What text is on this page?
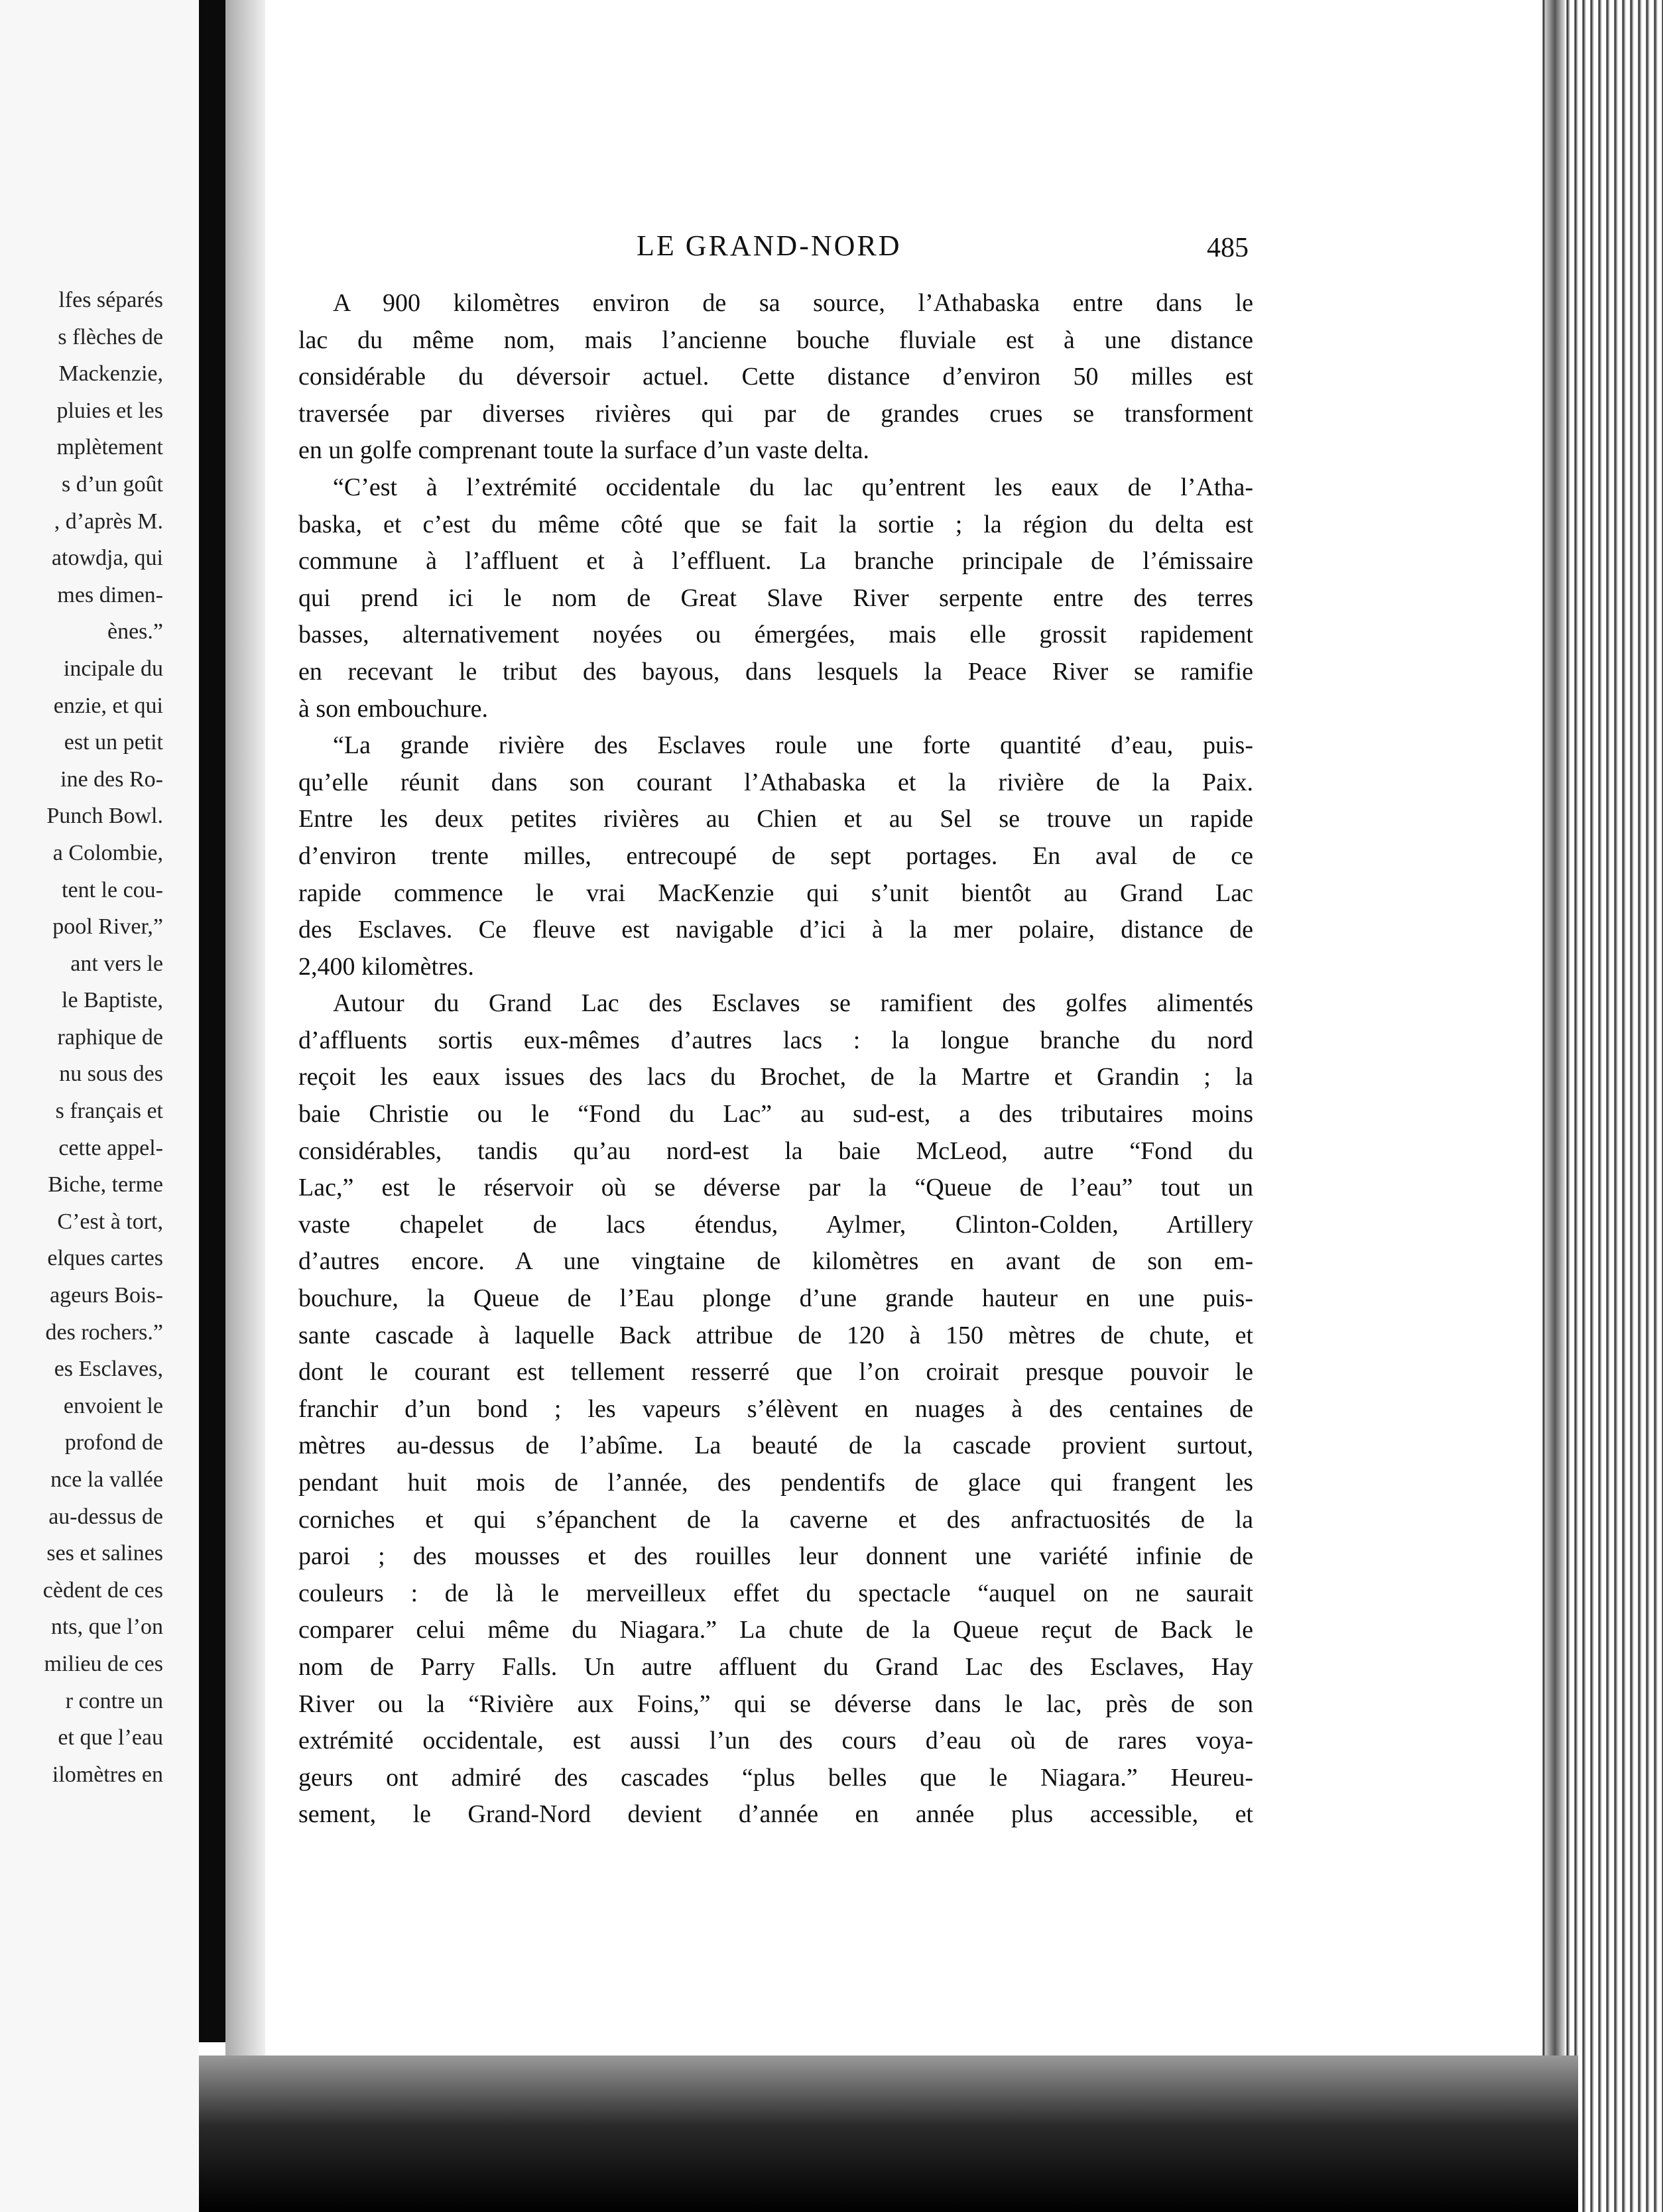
lfes séparés
s flèches de
Mackenzie,
pluies et les
mplètement
s d’un goût
, d’après M.
atowdja, qui
mes dimen-
ènes.”
incipale du
enzie, et qui
est un petit
ine des Ro-
Punch Bowl.
a Colombie,
tent le cou-
pool River,”
ant vers le
le Baptiste,
raphique de
nu sous des
s français et
cette appel-
Biche, terme
C’est à tort,
elques cartes
ageurs Bois-
des rochers.”
es Esclaves,
envoient le
profond de
nce la vallée
au-dessus de
ses et salines
cèdent de ces
nts, que l’on
milieu de ces
r contre un
et que l’eau
ilomètres en
LE GRAND-NORD	485
A 900 kilomètres environ de sa source, l’Athabaska entre dans le
lac du même nom, mais l’ancienne bouche fluviale est à une distance
considérable du déversoir actuel. Cette distance d’environ 50 milles est
traversée par diverses rivières qui par de grandes crues se transforment
en un golfe comprenant toute la surface d’un vaste delta.
“C’est à l’extrémité occidentale du lac qu’entrent les eaux de l’Atha-
baska, et c’est du même côté que se fait la sortie ; la région du delta est
commune à l’affluent et à l’effluent. La branche principale de l’émissaire
qui prend ici le nom de Great Slave River serpente entre des terres
basses, alternativement noyées ou émergées, mais elle grossit rapidement
en recevant le tribut des bayous, dans lesquels la Peace River se ramifie
à son embouchure.
“La grande rivière des Esclaves roule une forte quantité d’eau, puis-
qu’elle réunit dans son courant l’Athabaska et la rivière de la Paix.
Entre les deux petites rivières au Chien et au Sel se trouve un rapide
d’environ trente milles, entrecoupé de sept portages. En aval de ce
rapide commence le vrai MacKenzie qui s’unit bientôt au Grand Lac
des Esclaves. Ce fleuve est navigable d’ici à la mer polaire, distance de
2,400 kilomètres.
Autour du Grand Lac des Esclaves se ramifient des golfes alimentés
d’affluents sortis eux-mêmes d’autres lacs : la longue branche du nord
reçoit les eaux issues des lacs du Brochet, de la Martre et Grandin ; la
baie Christie ou le “Fond du Lac” au sud-est, a des tributaires moins
considérables, tandis qu’au nord-est la baie McLeod, autre “Fond du
Lac,” est le réservoir où se déverse par la “Queue de l’eau” tout un
vaste chapelet de lacs étendus, Aylmer, Clinton-Colden, Artillery
d’autres encore. A une vingtaine de kilomètres en avant de son em-
bouchure, la Queue de l’Eau plonge d’une grande hauteur en une puis-
sante cascade à laquelle Back attribue de 120 à 150 mètres de chute, et
dont le courant est tellement resserré que l’on croirait presque pouvoir le
franchir d’un bond ; les vapeurs s’élèvent en nuages à des centaines de
mètres au-dessus de l’abîme. La beauté de la cascade provient surtout,
pendant huit mois de l’année, des pendentifs de glace qui frangent les
corniches et qui s’épanchent de la caverne et des anfractuosités de la
paroi ; des mousses et des rouilles leur donnent une variété infinie de
couleurs : de là le merveilleux effet du spectacle “auquel on ne saurait
comparer celui même du Niagara.” La chute de la Queue reçut de Back le
nom de Parry Falls. Un autre affluent du Grand Lac des Esclaves, Hay
River ou la “Rivière aux Foins,” qui se déverse dans le lac, près de son
extrémité occidentale, est aussi l’un des cours d’eau où de rares voya-
geurs ont admiré des cascades “plus belles que le Niagara.” Heureu-
sement, le Grand-Nord devient d’année en année plus accessible, et
